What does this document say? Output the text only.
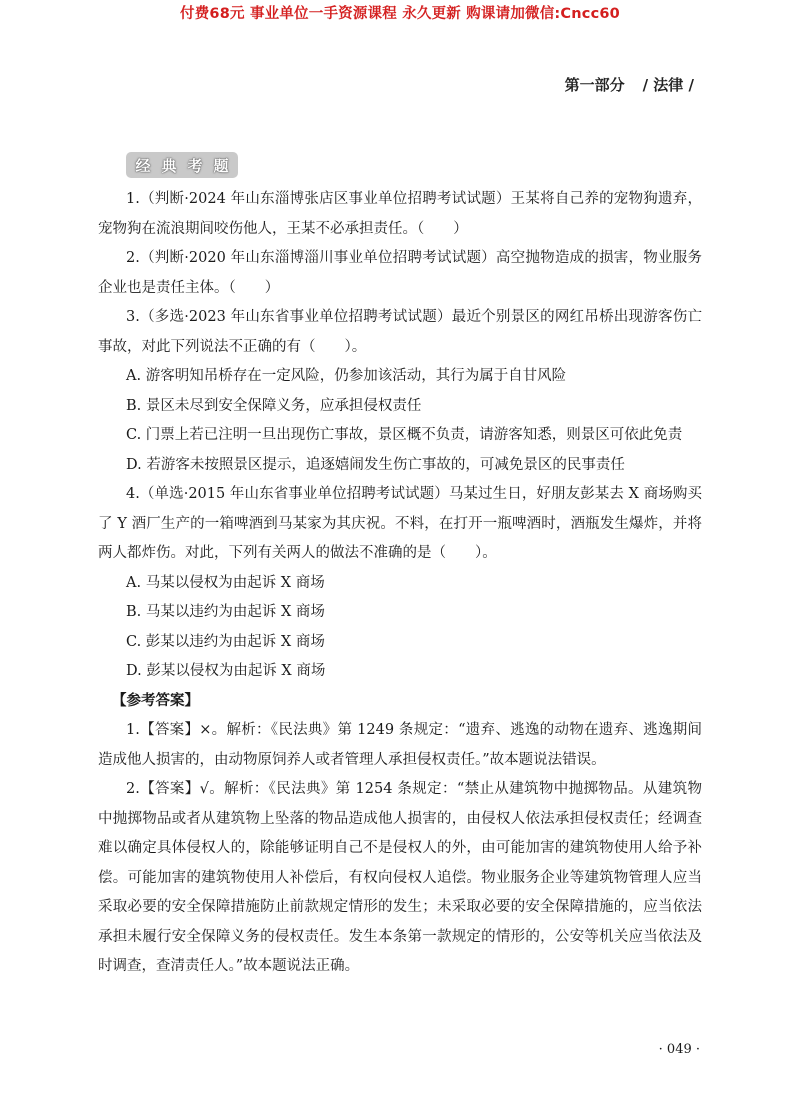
付费68元 事业单位一手资源课程 永久更新 购课请加微信:Cncc60
第一部分 / 法律 /
经 典 考 题

1.（判断·2024 年山东淄博张店区事业单位招聘考试试题）王某将自己养的宠物狗遗弃，宠物狗在流浪期间咬伤他人，王某不必承担责任。（　　）

2.（判断·2020 年山东淄博淄川事业单位招聘考试试题）高空抛物造成的损害，物业服务企业也是责任主体。（　　）

3.（多选·2023 年山东省事业单位招聘考试试题）最近个别景区的网红吊桥出现游客伤亡事故，对此下列说法不正确的有（　　）。

A. 游客明知吊桥存在一定风险，仍参加该活动，其行为属于自甘风险

B. 景区未尽到安全保障义务，应承担侵权责任

C. 门票上若已注明一旦出现伤亡事故，景区概不负责，请游客知悉，则景区可依此免责

D. 若游客未按照景区提示，追逐嬉闹发生伤亡事故的，可减免景区的民事责任

4.（单选·2015 年山东省事业单位招聘考试试题）马某过生日，好朋友彭某去 X 商场购买了 Y 酒厂生产的一箱啤酒到马某家为其庆祝。不料，在打开一瓶啤酒时，酒瓶发生爆炸，并将两人都炸伤。对此，下列有关两人的做法不准确的是（　　）。

A. 马某以侵权为由起诉 X 商场

B. 马某以违约为由起诉 X 商场

C. 彭某以违约为由起诉 X 商场

D. 彭某以侵权为由起诉 X 商场

【参考答案】

1.【答案】×。解析：《民法典》第 1249 条规定：“遗弃、逃逸的动物在遗弃、逃逸期间造成他人损害的，由动物原饲养人或者管理人承担侵权责任。”故本题说法错误。

2.【答案】√。解析：《民法典》第 1254 条规定：“禁止从建筑物中抛掷物品。从建筑物中抛掷物品或者从建筑物上坠落的物品造成他人损害的，由侵权人依法承担侵权责任；经调查难以确定具体侵权人的，除能够证明自己不是侵权人的外，由可能加害的建筑物使用人给予补偿。可能加害的建筑物使用人补偿后，有权向侵权人追偿。物业服务企业等建筑物管理人应当采取必要的安全保障措施防止前款规定情形的发生；未采取必要的安全保障措施的，应当依法承担未履行安全保障义务的侵权责任。发生本条第一款规定的情形的，公安等机关应当依法及时调查，查清责任人。”故本题说法正确。

· 049 ·
